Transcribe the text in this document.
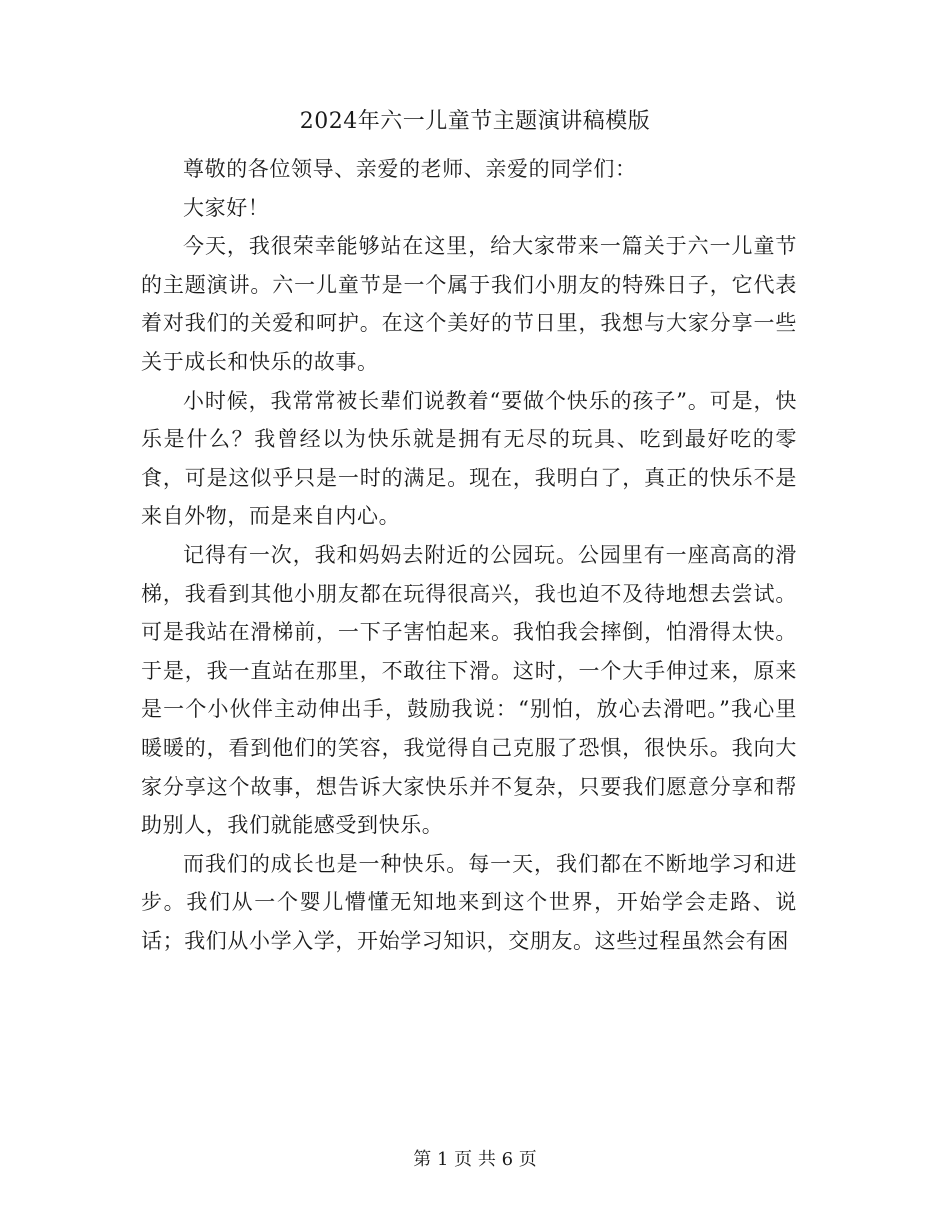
2024年六一儿童节主题演讲稿模版

尊敬的各位领导、亲爱的老师、亲爱的同学们：

大家好！

今天，我很荣幸能够站在这里，给大家带来一篇关于六一儿童节的主题演讲。六一儿童节是一个属于我们小朋友的特殊日子，它代表着对我们的关爱和呵护。在这个美好的节日里，我想与大家分享一些关于成长和快乐的故事。

小时候，我常常被长辈们说教着“要做个快乐的孩子”。可是，快乐是什么？我曾经以为快乐就是拥有无尽的玩具、吃到最好吃的零食，可是这似乎只是一时的满足。现在，我明白了，真正的快乐不是来自外物，而是来自内心。

记得有一次，我和妈妈去附近的公园玩。公园里有一座高高的滑梯，我看到其他小朋友都在玩得很高兴，我也迫不及待地想去尝试。可是我站在滑梯前，一下子害怕起来。我怕我会摔倒，怕滑得太快。于是，我一直站在那里，不敢往下滑。这时，一个大手伸过来，原来是一个小伙伴主动伸出手，鼓励我说：“别怕，放心去滑吧。”我心里暖暖的，看到他们的笑容，我觉得自己克服了恐惧，很快乐。我向大家分享这个故事，想告诉大家快乐并不复杂，只要我们愿意分享和帮助别人，我们就能感受到快乐。

而我们的成长也是一种快乐。每一天，我们都在不断地学习和进步。我们从一个婴儿懵懂无知地来到这个世界，开始学会走路、说话；我们从小学入学，开始学习知识，交朋友。这些过程虽然会有困

第 1 页 共 6 页
